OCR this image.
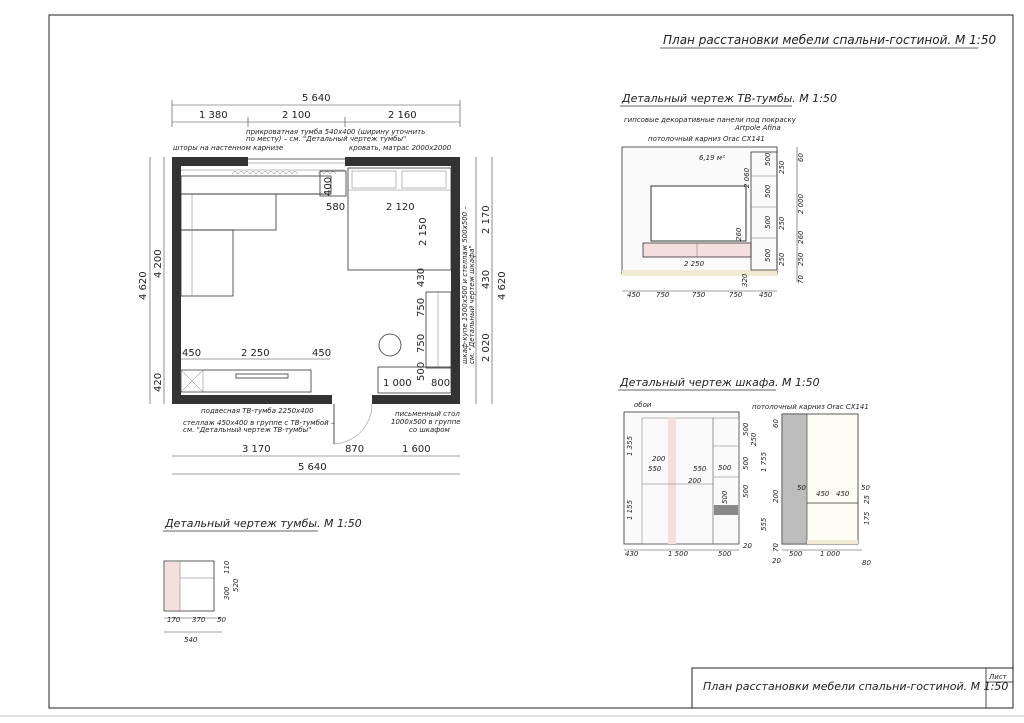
План расстановки мебели спальни-гостиной. М 1:50
5 640
1 380	2 100	2 160
3 170	870	1 600
5 640
4 620
4 200
420
2 170
430
2 020
4 620
400
580	2 120
2 150
430
750
750
500
1 000 800
450	2 250	450
прикроватная тумба 540х400 (ширину уточнить
по месту) – см. "Детальный чертеж тумбы"
шторы на настенном карнизе	кровать, матрас 2000х2000
шкаф-купе 1500х500 и стеллаж 500х500 – см. "Детальный чертеж шкафа"
подвесная ТВ-тумба 2250х400
стеллаж 450х400 в группе с ТВ-тумбой –
см. "Детальный чертеж ТВ-тумбы"
письменный стол
1000х500 в группе
со шкафом
Детальный чертеж ТВ-тумбы. М 1:50
гипсовые декоративные панели под покраску
Artpole Afina
потолочный карниз Orac CX141
6,19 м²
2 060
260
2 250
320
500
500
500
500
250
250
250
60
2 000
260
250
70
450 750	750	750 450
Детальный чертеж шкафа. М 1:50
обои
1 355
1 155
200
550	550
200
500
500
500
250
500
500
430	1 500	500
20
потолочный карниз Orac CX141
60
1 755
200
555
70
20
50
450 450
50
25
175
500	1 000
80
Детальный чертеж тумбы. М 1:50
170 370 50
540
110
300
520
План расстановки мебели спальни-гостиной. М 1:50
Лист
